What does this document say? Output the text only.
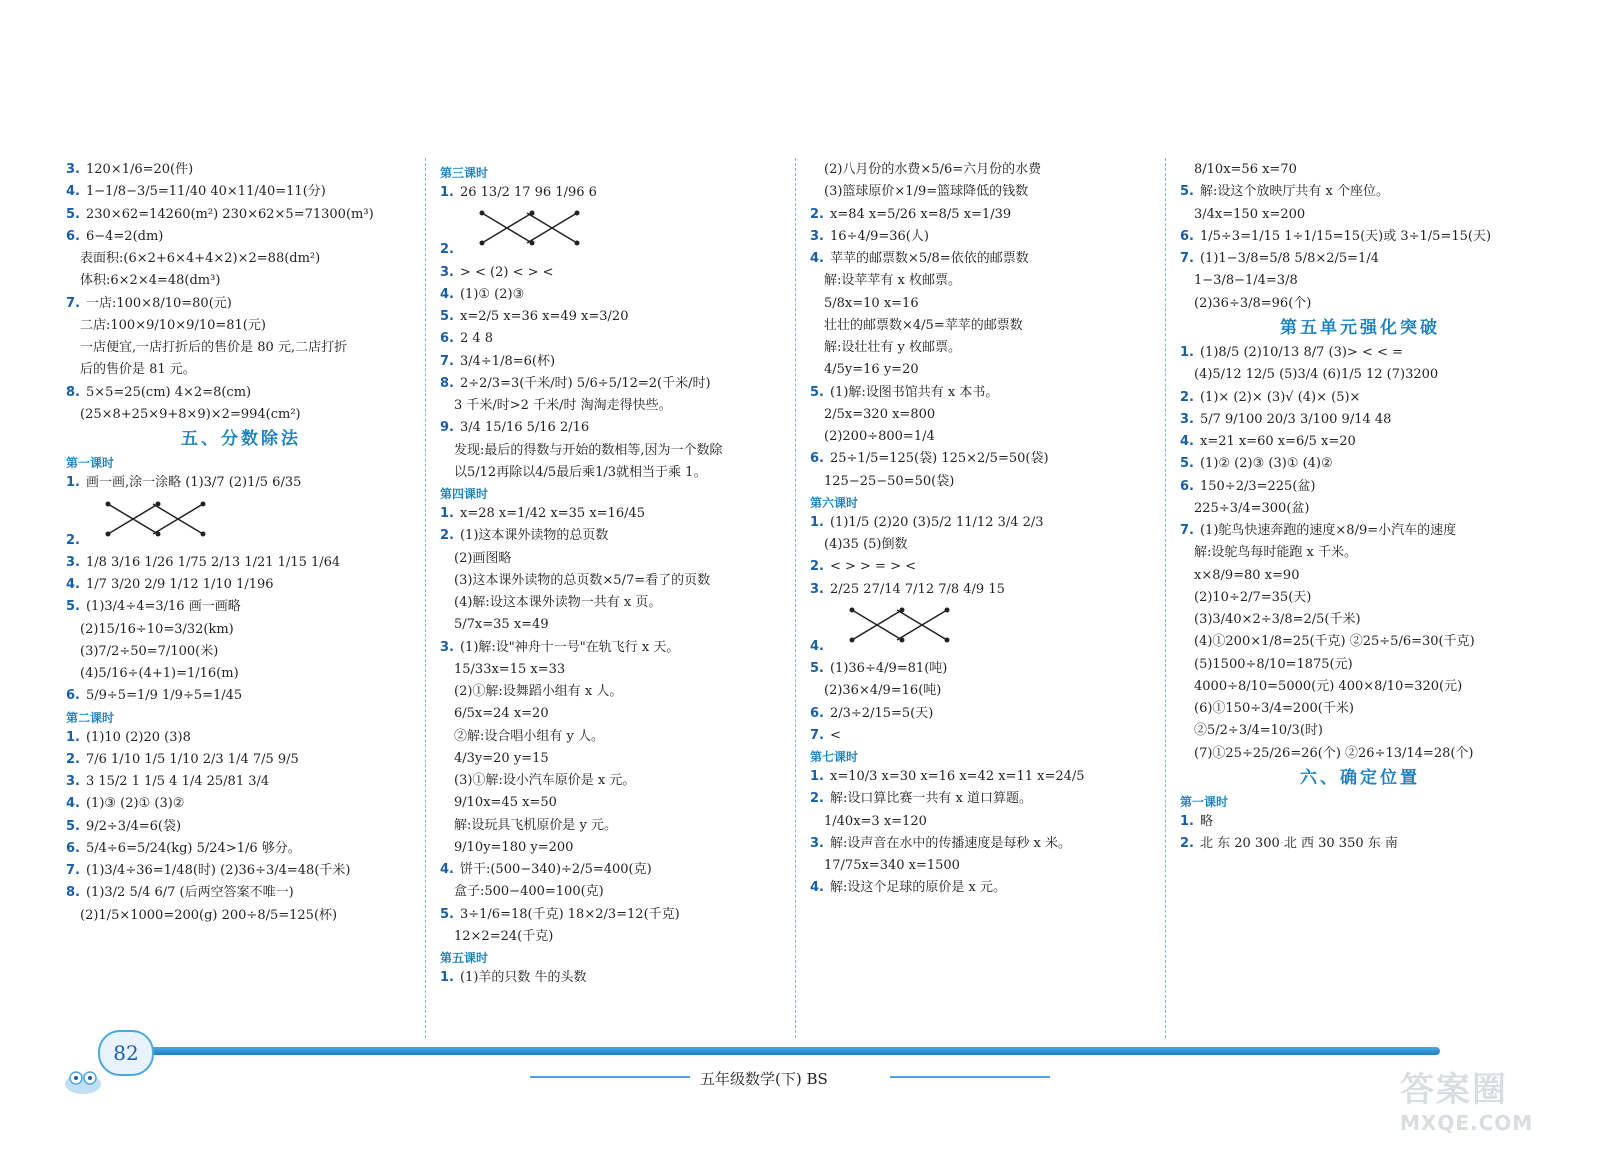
3. 120×1/6=20(件)
4. 1−1/8−3/5=11/40 40×11/40=11(分)
5. 230×62=14260(m²) 230×62×5=71300(m³)
6. 6−4=2(dm)
表面积:(6×2+6×4+4×2)×2=88(dm²)
体积:6×2×4=48(dm³)
7. 一店:100×8/10=80(元)
二店:100×9/10×9/10=81(元)
一店便宜,一店打折后的售价是 80 元,二店打折
后的售价是 81 元。
8. 5×5=25(cm) 4×2=8(cm)
(25×8+25×9+8×9)×2=994(cm²)
五、分数除法
第一课时
1. 画一画,涂一涂略 (1)3/7 (2)1/5 6/35
2.
3. 1/8 3/16 1/26 1/75 2/13 1/21 1/15 1/64
4. 1/7 3/20 2/9 1/12 1/10 1/196
5. (1)3/4÷4=3/16 画一画略
(2)15/16÷10=3/32(km)
(3)7/2÷50=7/100(米)
(4)5/16÷(4+1)=1/16(m)
6. 5/9÷5=1/9 1/9÷5=1/45
第二课时
1. (1)10 (2)20 (3)8
2. 7/6 1/10 1/5 1/10 2/3 1/4 7/5 9/5
3. 3 15/2 1 1/5 4 1/4 25/81 3/4
4. (1)③ (2)① (3)②
5. 9/2÷3/4=6(袋)
6. 5/4÷6=5/24(kg) 5/24>1/6 够分。
7. (1)3/4÷36=1/48(时) (2)36÷3/4=48(千米)
8. (1)3/2 5/4 6/7 (后两空答案不唯一)
(2)1/5×1000=200(g) 200÷8/5=125(杯)
第三课时
1. 26 13/2 17 96 1/96 6
2.
3. > < (2) < > <
4. (1)① (2)③
5. x=2/5 x=36 x=49 x=3/20
6. 2 4 8
7. 3/4÷1/8=6(杯)
8. 2÷2/3=3(千米/时) 5/6÷5/12=2(千米/时)
3 千米/时>2 千米/时 淘淘走得快些。
9. 3/4 15/16 5/16 2/16
发现:最后的得数与开始的数相等,因为一个数除
以5/12再除以4/5最后乘1/3就相当于乘 1。
第四课时
1. x=28 x=1/42 x=35 x=16/45
2. (1)这本课外读物的总页数
(2)画图略
(3)这本课外读物的总页数×5/7=看了的页数
(4)解:设这本课外读物一共有 x 页。
5/7x=35 x=49
3. (1)解:设"神舟十一号"在轨飞行 x 天。
15/33x=15 x=33
(2)①解:设舞蹈小组有 x 人。
6/5x=24 x=20
②解:设合唱小组有 y 人。
4/3y=20 y=15
(3)①解:设小汽车原价是 x 元。
9/10x=45 x=50
解:设玩具飞机原价是 y 元。
9/10y=180 y=200
4. 饼干:(500−340)÷2/5=400(克)
盒子:500−400=100(克)
5. 3÷1/6=18(千克) 18×2/3=12(千克)
12×2=24(千克)
第五课时
1. (1)羊的只数 牛的头数
(2)八月份的水费×5/6=六月份的水费
(3)篮球原价×1/9=篮球降低的钱数
2. x=84 x=5/26 x=8/5 x=1/39
3. 16÷4/9=36(人)
4. 苹苹的邮票数×5/8=依依的邮票数
解:设苹苹有 x 枚邮票。
5/8x=10 x=16
壮壮的邮票数×4/5=苹苹的邮票数
解:设壮壮有 y 枚邮票。
4/5y=16 y=20
5. (1)解:设图书馆共有 x 本书。
2/5x=320 x=800
(2)200÷800=1/4
6. 25÷1/5=125(袋) 125×2/5=50(袋)
125−25−50=50(袋)
第六课时
1. (1)1/5 (2)20 (3)5/2 11/12 3/4 2/3
(4)35 (5)倒数
2. < > > = > <
3. 2/25 27/14 7/12 7/8 4/9 15
4.
5. (1)36÷4/9=81(吨)
(2)36×4/9=16(吨)
6. 2/3÷2/15=5(天)
7. <
第七课时
1. x=10/3 x=30 x=16 x=42 x=11 x=24/5
2. 解:设口算比赛一共有 x 道口算题。
1/40x=3 x=120
3. 解:设声音在水中的传播速度是每秒 x 米。
17/75x=340 x=1500
4. 解:设这个足球的原价是 x 元。
8/10x=56 x=70
5. 解:设这个放映厅共有 x 个座位。
3/4x=150 x=200
6. 1/5÷3=1/15 1÷1/15=15(天)或 3÷1/5=15(天)
7. (1)1−3/8=5/8 5/8×2/5=1/4
1−3/8−1/4=3/8
(2)36÷3/8=96(个)
第五单元强化突破
1. (1)8/5 (2)10/13 8/7 (3)> < < =
(4)5/12 12/5 (5)3/4 (6)1/5 12 (7)3200
2. (1)× (2)× (3)√ (4)× (5)×
3. 5/7 9/100 20/3 3/100 9/14 48
4. x=21 x=60 x=6/5 x=20
5. (1)② (2)③ (3)① (4)②
6. 150÷2/3=225(盆)
225÷3/4=300(盆)
7. (1)鸵鸟快速奔跑的速度×8/9=小汽车的速度
解:设鸵鸟每时能跑 x 千米。
x×8/9=80 x=90
(2)10÷2/7=35(天)
(3)3/40×2÷3/8=2/5(千米)
(4)①200×1/8=25(千克) ②25÷5/6=30(千克)
(5)1500÷8/10=1875(元)
4000÷8/10=5000(元) 400×8/10=320(元)
(6)①150÷3/4=200(千米)
②5/2÷3/4=10/3(时)
(7)①25÷25/26=26(个) ②26÷13/14=28(个)
六、确定位置
第一课时
1. 略
2. 北 东 20 300 北 西 30 350 东 南
82
五年级数学(下) BS	答案圈
MXQE.COM
